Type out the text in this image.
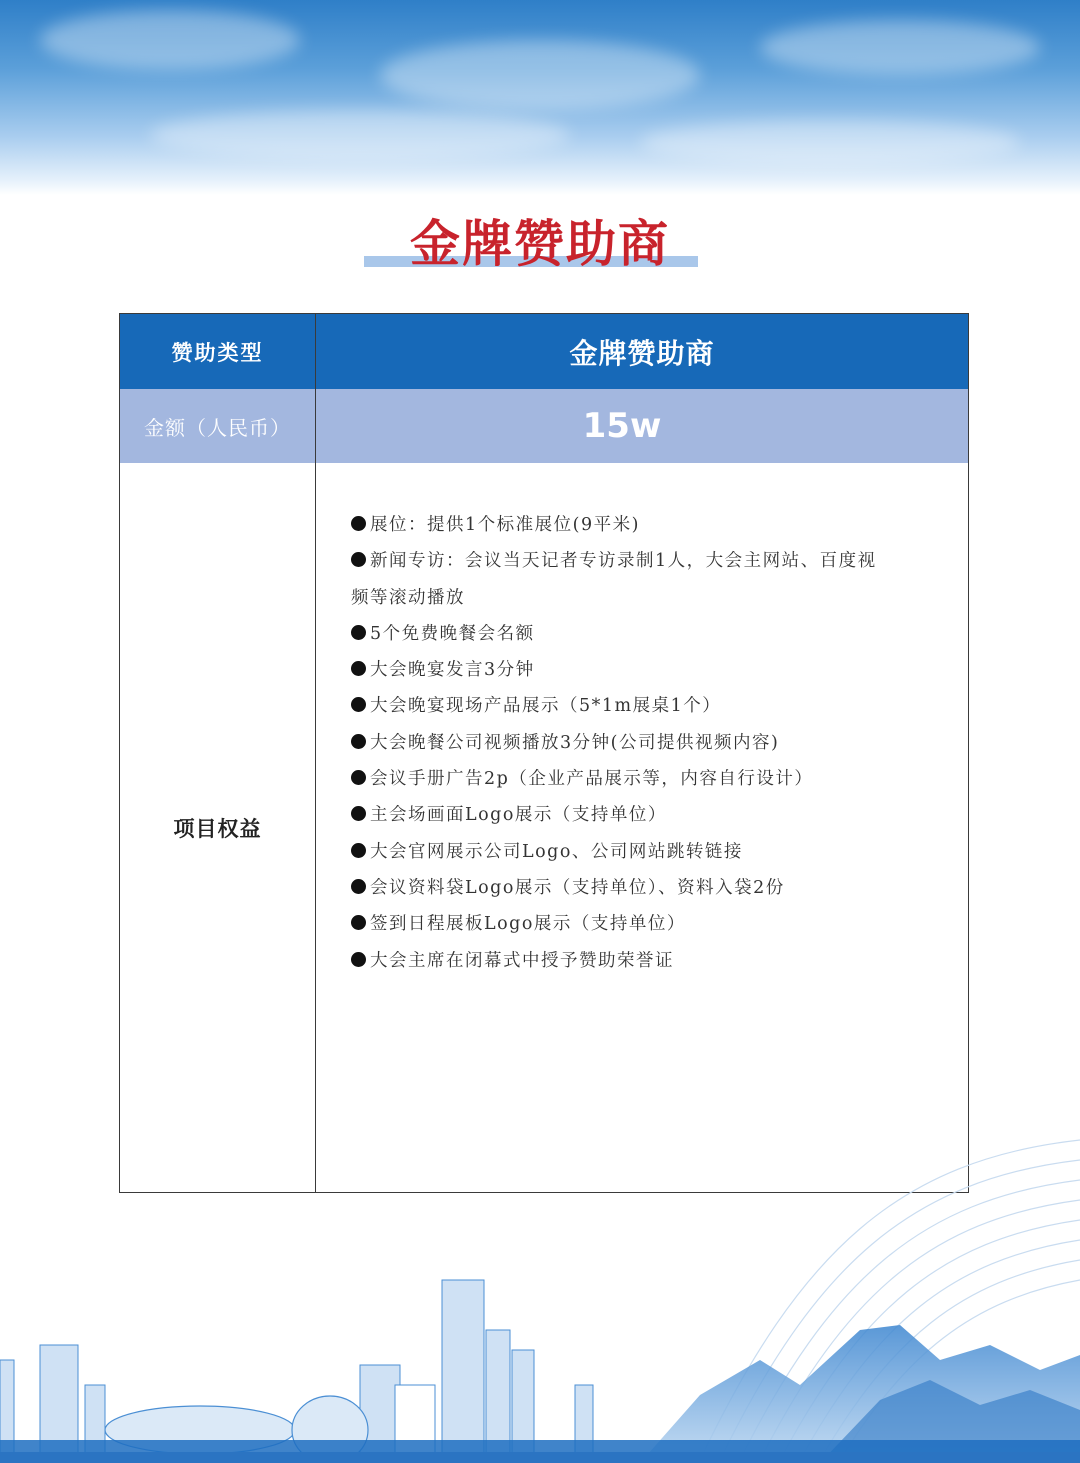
金牌赞助商
赞助类型	金牌赞助商
金额（人民币）	15w
项目权益
展位：提供1个标准展位(9平米)
新闻专访：会议当天记者专访录制1人，大会主网站、百度视
频等滚动播放
5个免费晚餐会名额
大会晚宴发言3分钟
大会晚宴现场产品展示（5*1m展桌1个）
大会晚餐公司视频播放3分钟(公司提供视频内容)
会议手册广告2p（企业产品展示等，内容自行设计）
主会场画面Logo展示（支持单位）
大会官网展示公司Logo、公司网站跳转链接
会议资料袋Logo展示（支持单位）、资料入袋2份
签到日程展板Logo展示（支持单位）
大会主席在闭幕式中授予赞助荣誉证
